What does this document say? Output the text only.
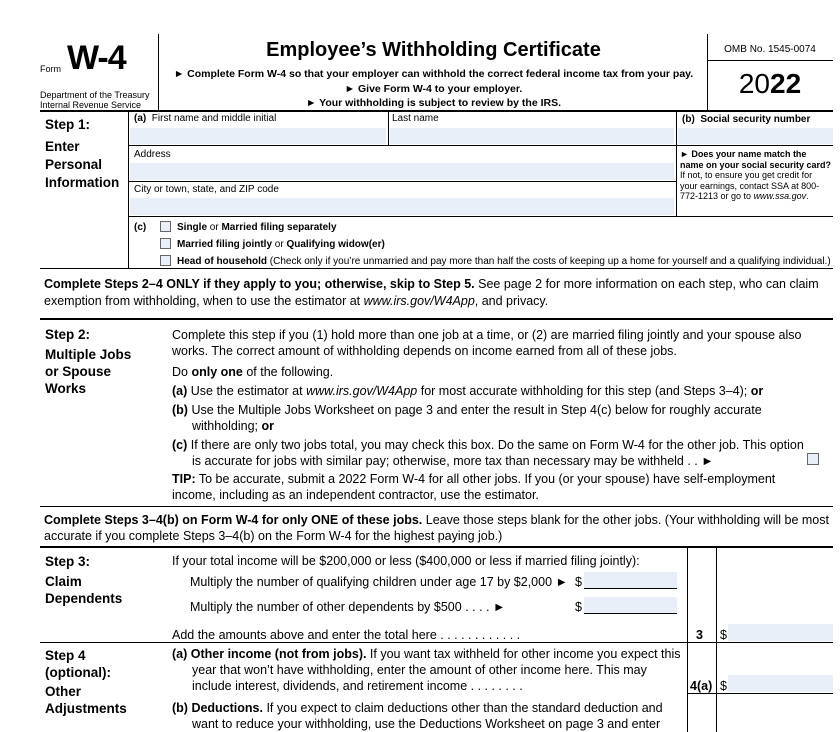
Form W-4
Department of the Treasury
Internal Revenue Service
Employee’s Withholding Certificate
► Complete Form W-4 so that your employer can withhold the correct federal income tax from your pay.
► Give Form W-4 to your employer.
► Your withholding is subject to review by the IRS.
OMB No. 1545-0074
2022
Step 1:
Enter
Personal
Information
(a) First name and middle initial	Last name	(b) Social security number
Address
City or town, state, and ZIP code
► Does your name match the name on your social security card? If not, to ensure you get credit for your earnings, contact SSA at 800-772-1213 or go to www.ssa.gov.
(c)	Single or Married filing separately
Married filing jointly or Qualifying widow(er)
Head of household (Check only if you’re unmarried and pay more than half the costs of keeping up a home for yourself and a qualifying individual.)
Complete Steps 2–4 ONLY if they apply to you; otherwise, skip to Step 5. See page 2 for more information on each step, who can claim exemption from withholding, when to use the estimator at www.irs.gov/W4App, and privacy.
Step 2:
Multiple Jobs
or Spouse
Works
Complete this step if you (1) hold more than one job at a time, or (2) are married filing jointly and your spouse also works. The correct amount of withholding depends on income earned from all of these jobs.
Do only one of the following.
(a) Use the estimator at www.irs.gov/W4App for most accurate withholding for this step (and Steps 3–4); or
(b) Use the Multiple Jobs Worksheet on page 3 and enter the result in Step 4(c) below for roughly accurate withholding; or
(c) If there are only two jobs total, you may check this box. Do the same on Form W-4 for the other job. This option is accurate for jobs with similar pay; otherwise, more tax than necessary may be withheld . . ►
TIP: To be accurate, submit a 2022 Form W-4 for all other jobs. If you (or your spouse) have self-employment income, including as an independent contractor, use the estimator.
Complete Steps 3–4(b) on Form W-4 for only ONE of these jobs. Leave those steps blank for the other jobs. (Your withholding will be most accurate if you complete Steps 3–4(b) on the Form W-4 for the highest paying job.)
Step 3:
Claim
Dependents
If your total income will be $200,000 or less ($400,000 or less if married filing jointly):
Multiply the number of qualifying children under age 17 by $2,000 ► $
Multiply the number of other dependents by $500 . . . . ►	$
Add the amounts above and enter the total here . . . . . . . . . . . .	3 $
Step 4
(optional):
Other
Adjustments
(a) Other income (not from jobs). If you want tax withheld for other income you expect this year that won’t have withholding, enter the amount of other income here. This may include interest, dividends, and retirement income . . . . . . . .	4(a) $
(b) Deductions. If you expect to claim deductions other than the standard deduction and want to reduce your withholding, use the Deductions Worksheet on page 3 and enter
